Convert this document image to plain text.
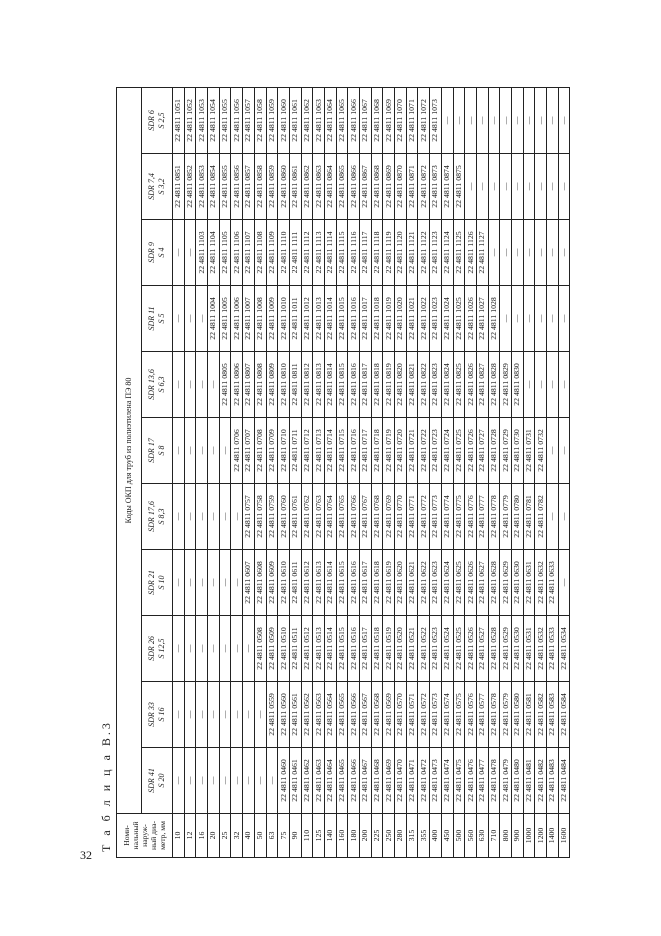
32
Т а б л и ц а В.3	Номи- нальный наруж- ный диа- метр, мм	Коды ОКП для труб из полиэтилена ПЭ 80										

	SDR 41 S 20	SDR 33 S 16	SDR 26 S 12,5	SDR 21 S 10	SDR 17,6 S 8,3	SDR 17 S 8	SDR 13,6 S 6,3	SDR 11 S 5	SDR 9 S 4	SDR 7,4 S 3,2	SDR 6 S 2,5

10	—	—	—	—	—	—	—	—	—	22 4811 0851	22 4811 1051
12	—	—	—	—	—	—	—	—	—	22 4811 0852	22 4811 1052
16	—	—	—	—	—	—	—	—	22 4811 1103	22 4811 0853	22 4811 1053
20	—	—	—	—	—	—	—	22 4811 1004	22 4811 1104	22 4811 0854	22 4811 1054
25	—	—	—	—	—	—	22 4811 0805	22 4811 1005	22 4811 1105	22 4811 0855	22 4811 1055
32	—	—	—	—	—	22 4811 0706	22 4811 0806	22 4811 1006	22 4811 1106	22 4811 0856	22 4811 1056
40	—	—	—	22 4811 0607	22 4811 0757	22 4811 0707	22 4811 0807	22 4811 1007	22 4811 1107	22 4811 0857	22 4811 1057
50	—	—	22 4811 0508	22 4811 0608	22 4811 0758	22 4811 0708	22 4811 0808	22 4811 1008	22 4811 1108	22 4811 0858	22 4811 1058
63	—	22 4811 0559	22 4811 0509	22 4811 0609	22 4811 0759	22 4811 0709	22 4811 0809	22 4811 1009	22 4811 1109	22 4811 0859	22 4811 1059
75	22 4811 0460	22 4811 0560	22 4811 0510	22 4811 0610	22 4811 0760	22 4811 0710	22 4811 0810	22 4811 1010	22 4811 1110	22 4811 0860	22 4811 1060
90	22 4811 0461	22 4811 0561	22 4811 0511	22 4811 0611	22 4811 0761	22 4811 0711	22 4811 0811	22 4811 1011	22 4811 1111	22 4811 0861	22 4811 1061
110	22 4811 0462	22 4811 0562	22 4811 0512	22 4811 0612	22 4811 0762	22 4811 0712	22 4811 0812	22 4811 1012	22 4811 1112	22 4811 0862	22 4811 1062
125	22 4811 0463	22 4811 0563	22 4811 0513	22 4811 0613	22 4811 0763	22 4811 0713	22 4811 0813	22 4811 1013	22 4811 1113	22 4811 0863	22 4811 1063
140	22 4811 0464	22 4811 0564	22 4811 0514	22 4811 0614	22 4811 0764	22 4811 0714	22 4811 0814	22 4811 1014	22 4811 1114	22 4811 0864	22 4811 1064
160	22 4811 0465	22 4811 0565	22 4811 0515	22 4811 0615	22 4811 0765	22 4811 0715	22 4811 0815	22 4811 1015	22 4811 1115	22 4811 0865	22 4811 1065
180	22 4811 0466	22 4811 0566	22 4811 0516	22 4811 0616	22 4811 0766	22 4811 0716	22 4811 0816	22 4811 1016	22 4811 1116	22 4811 0866	22 4811 1066
200	22 4811 0467	22 4811 0567	22 4811 0517	22 4811 0617	22 4811 0767	22 4811 0717	22 4811 0817	22 4811 1017	22 4811 1117	22 4811 0867	22 4811 1067
225	22 4811 0468	22 4811 0568	22 4811 0518	22 4811 0618	22 4811 0768	22 4811 0718	22 4811 0818	22 4811 1018	22 4811 1118	22 4811 0868	22 4811 1068
250	22 4811 0469	22 4811 0569	22 4811 0519	22 4811 0619	22 4811 0769	22 4811 0719	22 4811 0819	22 4811 1019	22 4811 1119	22 4811 0869	22 4811 1069
280	22 4811 0470	22 4811 0570	22 4811 0520	22 4811 0620	22 4811 0770	22 4811 0720	22 4811 0820	22 4811 1020	22 4811 1120	22 4811 0870	22 4811 1070
315	22 4811 0471	22 4811 0571	22 4811 0521	22 4811 0621	22 4811 0771	22 4811 0721	22 4811 0821	22 4811 1021	22 4811 1121	22 4811 0871	22 4811 1071
355	22 4811 0472	22 4811 0572	22 4811 0522	22 4811 0622	22 4811 0772	22 4811 0722	22 4811 0822	22 4811 1022	22 4811 1122	22 4811 0872	22 4811 1072
400	22 4811 0473	22 4811 0573	22 4811 0523	22 4811 0623	22 4811 0773	22 4811 0723	22 4811 0823	22 4811 1023	22 4811 1123	22 4811 0873	22 4811 1073
450	22 4811 0474	22 4811 0574	22 4811 0524	22 4811 0624	22 4811 0774	22 4811 0724	22 4811 0824	22 4811 1024	22 4811 1124	22 4811 0874	—
500	22 4811 0475	22 4811 0575	22 4811 0525	22 4811 0625	22 4811 0775	22 4811 0725	22 4811 0825	22 4811 1025	22 4811 1125	22 4811 0875	—
560	22 4811 0476	22 4811 0576	22 4811 0526	22 4811 0626	22 4811 0776	22 4811 0726	22 4811 0826	22 4811 1026	22 4811 1126	—	—
630	22 4811 0477	22 4811 0577	22 4811 0527	22 4811 0627	22 4811 0777	22 4811 0727	22 4811 0827	22 4811 1027	22 4811 1127	—	—
710	22 4811 0478	22 4811 0578	22 4811 0528	22 4811 0628	22 4811 0778	22 4811 0728	22 4811 0828	22 4811 1028	—	—	—
800	22 4811 0479	22 4811 0579	22 4811 0529	22 4811 0629	22 4811 0779	22 4811 0729	22 4811 0829	—	—	—	—
900	22 4811 0480	22 4811 0580	22 4811 0530	22 4811 0630	22 4811 0780	22 4811 0730	22 4811 0830	—	—	—	—
1000	22 4811 0481	22 4811 0581	22 4811 0531	22 4811 0631	22 4811 0781	22 4811 0731	—	—	—	—	—
1200	22 4811 0482	22 4811 0582	22 4811 0532	22 4811 0632	22 4811 0782	22 4811 0732	—	—	—	—	—
1400	22 4811 0483	22 4811 0583	22 4811 0533	22 4811 0633	—	—	—	—	—	—	—
1600	22 4811 0484	22 4811 0584	22 4811 0534	—	—	—	—	—	—	—	—
